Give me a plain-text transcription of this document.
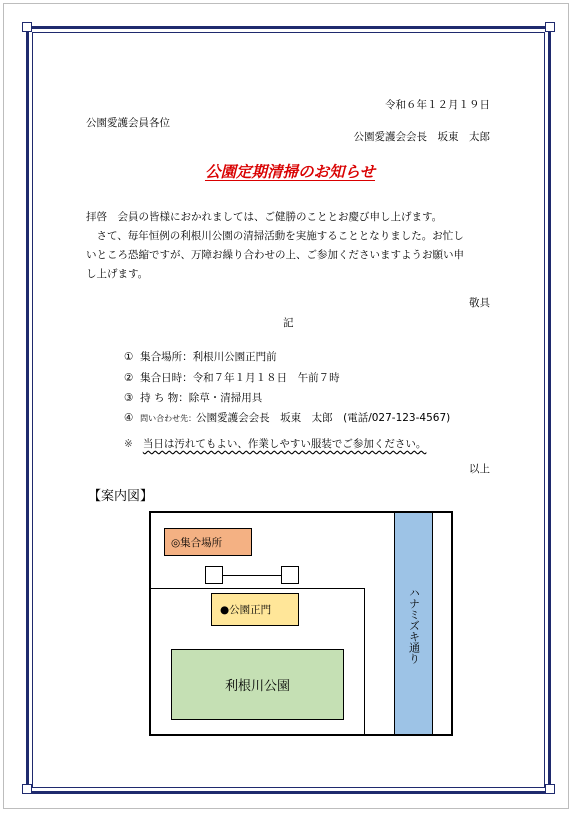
令和６年１２月１９日
公園愛護会員各位
公園愛護会会長　坂東　太郎
公園定期清掃のお知らせ

拝啓　会員の皆様におかれましては、ご健勝のこととお慶び申し上げます。

　さて、毎年恒例の利根川公園の清掃活動を実施することとなりました。お忙し

いところ恐縮ですが、万障お繰り合わせの上、ご参加くださいますようお願い申

し上げます。

敬具
記
① 集合場所：利根川公園正門前
② 集合日時：令和７年１月１８日　午前７時
③ 持 ち 物：除草・清掃用具
④ 問い合わせ先：公園愛護会会長　坂東　太郎　(電話/027-123-4567)
※ 当日は汚れてもよい、作業しやすい服装でご参加ください。
以上
【案内図】
ハナミズキ通り
◎集合場所
●公園正門
利根川公園
